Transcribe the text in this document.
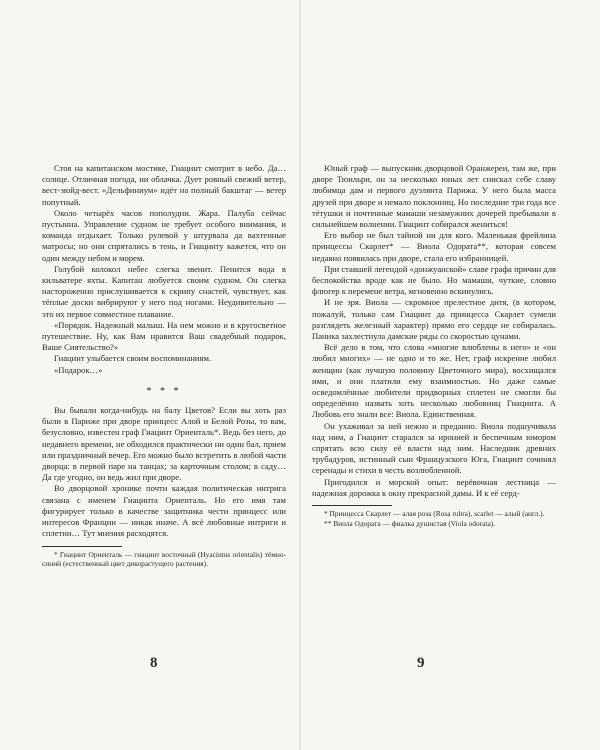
Стоя на капитанском мостике, Гиацинт смотрит в небо. Да… солнце. Отличная погода, ни облачка. Дует ровный свежий ветер, вест-зюйд-вест. «Дельфиниум» идёт на полный бакштаг — ветер попутный.

Около четырёх часов пополудни. Жара. Палуба сейчас пустынна. Управление судном не требует особого внимания, и команда отдыхает. Только рулевой у штурвала да вахтенные матросы; но они спрятались в тень, и Гиацинту кажется, что он один между небом и морем.

Голубой колокол небес слегка звенит. Пенится вода в кильватере яхты. Капитан любуется своим судном. Он слегка настороженно прислушивается к скрипу снастей, чувствует, как тёплые доски вибрируют у него под ногами. Неудивительно — это их первое совместное плавание.

«Порядок. Надежный малыш. На нем можно и в кругосветное путешествие. Ну, как Вам нравится Ваш свадебный подарок, Ваше Сиятельство?»

Гиацинт улыбается своим воспоминаниям.

«Подарок…»

* * *

Вы бывали когда-нибудь на балу Цветов? Если вы хоть раз были в Париже при дворе принцесс Алой и Белой Розы, то вам, безусловно, известен граф Гиацинт Ориенталь*. Ведь без него, до недавнего времени, не обходился практически ни один бал, прием или праздничный вечер. Его можно было встретить в любой части дворца: в первой паре на танцах; за карточным столом; в саду… Да где угодно, он ведь жил при дворе.

Во дворцовой хронике почти каждая политическая интрига связана с именем Гиацинта Ориенталь. Но его имя там фигурирует только в качестве защитника чести принцесс или интересов Франции — никак иначе. А всё любовные интриги и сплетни… Тут мнения расходятся.

* Гиацинт Ориенталь — гиацинт восточный (Hyacintus orientalis) тёмно-синий (естественный цвет дикорастущего растения).

Юный граф — выпускник дворцовой Оранжереи, там же, при дворе Тюильри, он за несколько юных лет снискал себе славу любимца дам и первого дуэлянта Парижа. У него была масса друзей при дворе и немало поклонниц. Но последние три года все тётушки и почтенные мамаши незамужних дочерей пребывали в сильнейшем волнении. Гиацинт собирался жениться!

Его выбор не был тайной ни для кого. Маленькая фрейлина принцессы Скарлет* — Виола Одората**, которая совсем недавно появилась при дворе, стала его избранницей.

При ставшей легендой «донжуанской» славе графа причин для беспокойства вроде как не было. Но мамаши, чуткие, словно флюгер к перемене ветра, мгновенно вскинулись.

И не зря. Виола — скромное прелестное дитя, (в котором, пожалуй, только сам Гиацинт да принцесса Скарлет сумели разглядеть железный характер) прямо его сердце не собиралась. Паника захлестнула дамские ряды со скоростью цунами.

Всё дело в том, что слова «многие влюблены в него» и «он любил многих» — не одно и то же. Нет, граф искренне любил женщин (как лучшую половину Цветочного мира), восхищался ими, и они платили ему взаимностью. Но даже самые осведомлённые любители придворных сплетен не смогли бы определённо назвать хоть несколько любовниц Гиацинта. А Любовь его знали все: Виола. Единственная.

Он ухаживал за ней нежно и преданно. Виола подшучивала над ним, а Гиацинт старался за иронией и беспечным юмором спрятать всю силу её власти над ним. Наследник древних трубадуров, истинный сын Французского Юга, Гиацинт сочинял серенады и стихи в честь возлюбленной.

Пригодился и морской опыт: верёвочная лестница — надежная дорожка к окну прекрасной дамы. И к её серд-

* Принцесса Скарлет — алая роза (Rosa rubra), scarlet — алый (англ.).

** Виола Одората — фиалка душистая (Viola odorata).

8	9
